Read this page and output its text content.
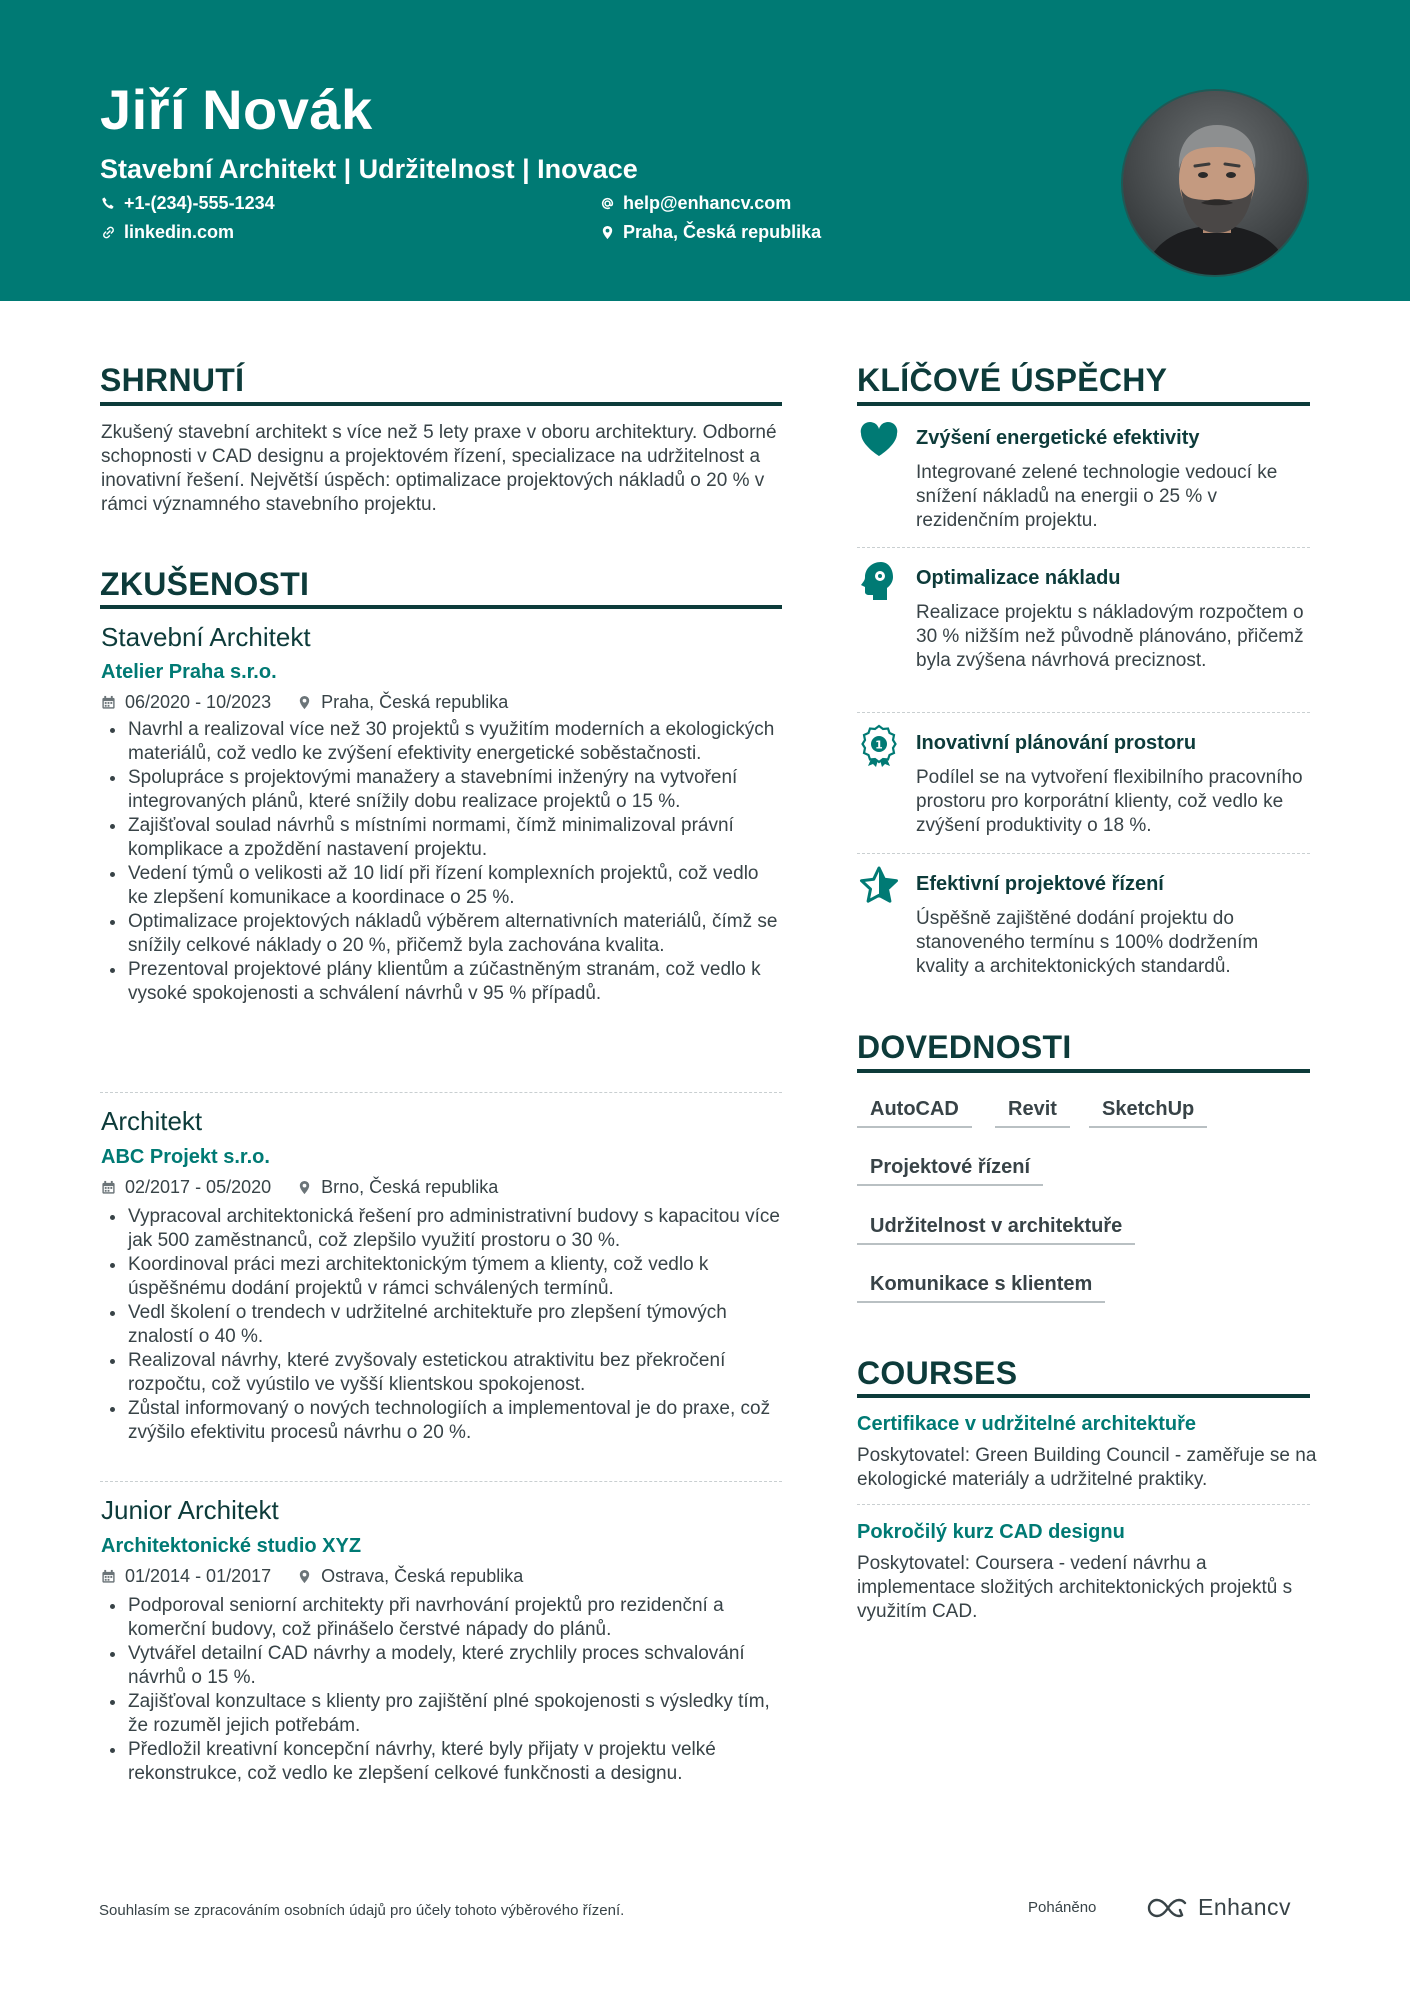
Jiří Novák
Stavební Architekt | Udržitelnost | Inovace
+1-(234)-555-1234	help@enhancv.com
linkedin.com	Praha, Česká republika
SHRNUTÍ
Zkušený stavební architekt s více než 5 lety praxe v oboru architektury. Odborné schopnosti v CAD designu a projektovém řízení, specializace na udržitelnost a inovativní řešení. Největší úspěch: optimalizace projektových nákladů o 20 % v rámci významného stavebního projektu.
ZKUŠENOSTI
Stavební Architekt
Atelier Praha s.r.o.
06/2020 - 10/2023	Praha, Česká republika
Navrhl a realizoval více než 30 projektů s využitím moderních a ekologických materiálů, což vedlo ke zvýšení efektivity energetické soběstačnosti.
Spolupráce s projektovými manažery a stavebními inženýry na vytvoření integrovaných plánů, které snížily dobu realizace projektů o 15 %.
Zajišťoval soulad návrhů s místními normami, čímž minimalizoval právní komplikace a zpoždění nastavení projektu.
Vedení týmů o velikosti až 10 lidí při řízení komplexních projektů, což vedlo ke zlepšení komunikace a koordinace o 25 %.
Optimalizace projektových nákladů výběrem alternativních materiálů, čímž se snížily celkové náklady o 20 %, přičemž byla zachována kvalita.
Prezentoval projektové plány klientům a zúčastněným stranám, což vedlo k vysoké spokojenosti a schválení návrhů v 95 % případů.
Architekt
ABC Projekt s.r.o.
02/2017 - 05/2020	Brno, Česká republika
Vypracoval architektonická řešení pro administrativní budovy s kapacitou více jak 500 zaměstnanců, což zlepšilo využití prostoru o 30 %.
Koordinoval práci mezi architektonickým týmem a klienty, což vedlo k úspěšnému dodání projektů v rámci schválených termínů.
Vedl školení o trendech v udržitelné architektuře pro zlepšení týmových znalostí o 40 %.
Realizoval návrhy, které zvyšovaly estetickou atraktivitu bez překročení rozpočtu, což vyústilo ve vyšší klientskou spokojenost.
Zůstal informovaný o nových technologiích a implementoval je do praxe, což zvýšilo efektivitu procesů návrhu o 20 %.
Junior Architekt
Architektonické studio XYZ
01/2014 - 01/2017	Ostrava, Česká republika
Podporoval seniorní architekty při navrhování projektů pro rezidenční a komerční budovy, což přinášelo čerstvé nápady do plánů.
Vytvářel detailní CAD návrhy a modely, které zrychlily proces schvalování návrhů o 15 %.
Zajišťoval konzultace s klienty pro zajištění plné spokojenosti s výsledky tím, že rozuměl jejich potřebám.
Předložil kreativní koncepční návrhy, které byly přijaty v projektu velké rekonstrukce, což vedlo ke zlepšení celkové funkčnosti a designu.
KLÍČOVÉ ÚSPĚCHY
Zvýšení energetické efektivity
Integrované zelené technologie vedoucí ke snížení nákladů na energii o 25 % v rezidenčním projektu.
Optimalizace nákladu
Realizace projektu s nákladovým rozpočtem o 30 % nižším než původně plánováno, přičemž byla zvýšena návrhová preciznost.
1 Inovativní plánování prostoru
Podílel se na vytvoření flexibilního pracovního prostoru pro korporátní klienty, což vedlo ke zvýšení produktivity o 18 %.
Efektivní projektové řízení
Úspěšně zajištěné dodání projektu do stanoveného termínu s 100% dodržením kvality a architektonických standardů.
DOVEDNOSTI
AutoCAD	Revit	SketchUp
Projektové řízení
Udržitelnost v architektuře
Komunikace s klientem
COURSES
Certifikace v udržitelné architektuře
Poskytovatel: Green Building Council - zaměřuje se na ekologické materiály a udržitelné praktiky.
Pokročilý kurz CAD designu
Poskytovatel: Coursera - vedení návrhu a implementace složitých architektonických projektů s využitím CAD.
Souhlasím se zpracováním osobních údajů pro účely tohoto výběrového řízení.	Poháněno	Enhancv
